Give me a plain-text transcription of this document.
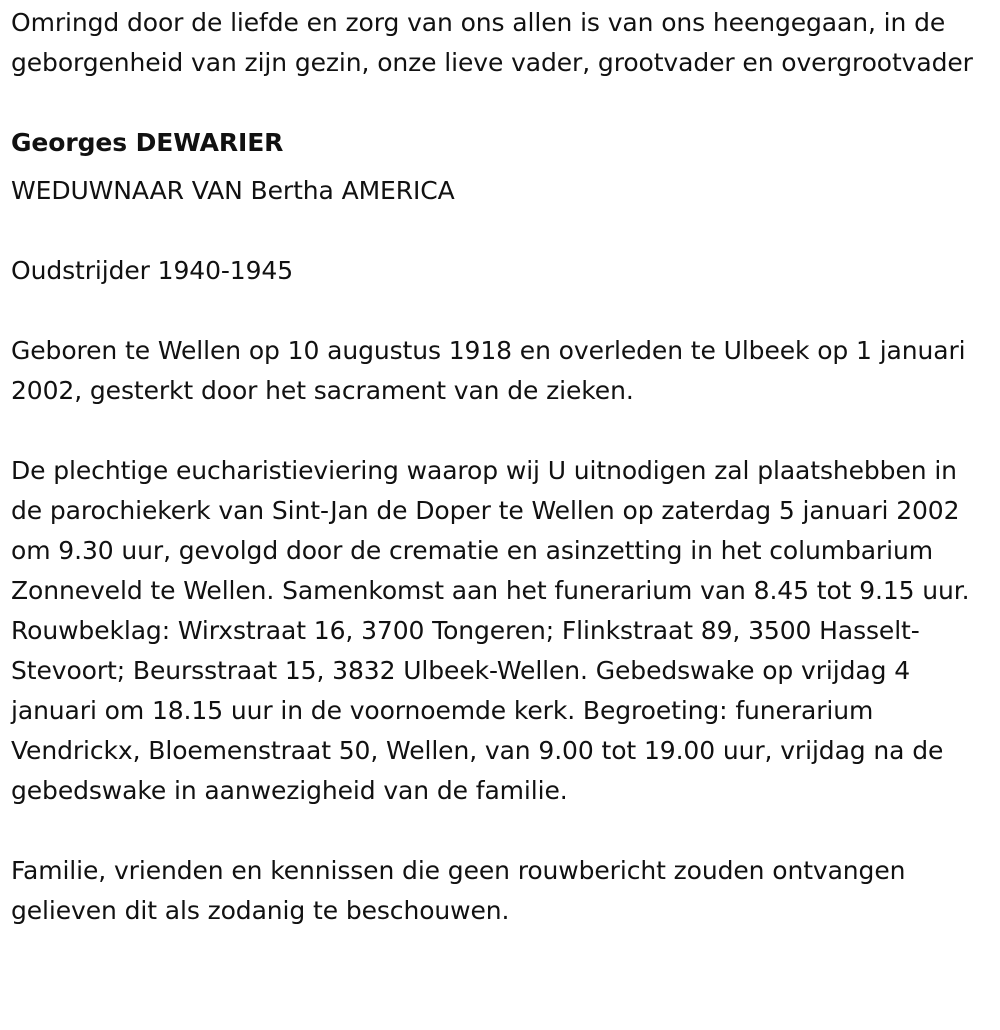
Omringd door de liefde en zorg van ons allen is van ons heengegaan, in de geborgenheid van zijn gezin, onze lieve vader, grootvader en overgrootvader

Georges DEWARIER

WEDUWNAAR VAN Bertha AMERICA

Oudstrijder 1940-1945

Geboren te Wellen op 10 augustus 1918 en overleden te Ulbeek op 1 januari 2002, gesterkt door het sacrament van de zieken.

De plechtige eucharistieviering waarop wij U uitnodigen zal plaatshebben in de parochiekerk van Sint-Jan de Doper te Wellen op zaterdag 5 januari 2002 om 9.30 uur, gevolgd door de crematie en asinzetting in het columbarium Zonneveld te Wellen. Samenkomst aan het funerarium van 8.45 tot 9.15 uur. Rouwbeklag: Wirxstraat 16, 3700 Tongeren; Flinkstraat 89, 3500 Hasselt-Stevoort; Beursstraat 15, 3832 Ulbeek-Wellen. Gebedswake op vrijdag 4 januari om 18.15 uur in de voornoemde kerk. Begroeting: funerarium Vendrickx, Bloemenstraat 50, Wellen, van 9.00 tot 19.00 uur, vrijdag na de gebedswake in aanwezigheid van de familie.

Familie, vrienden en kennissen die geen rouwbericht zouden ontvangen gelieven dit als zodanig te beschouwen.
